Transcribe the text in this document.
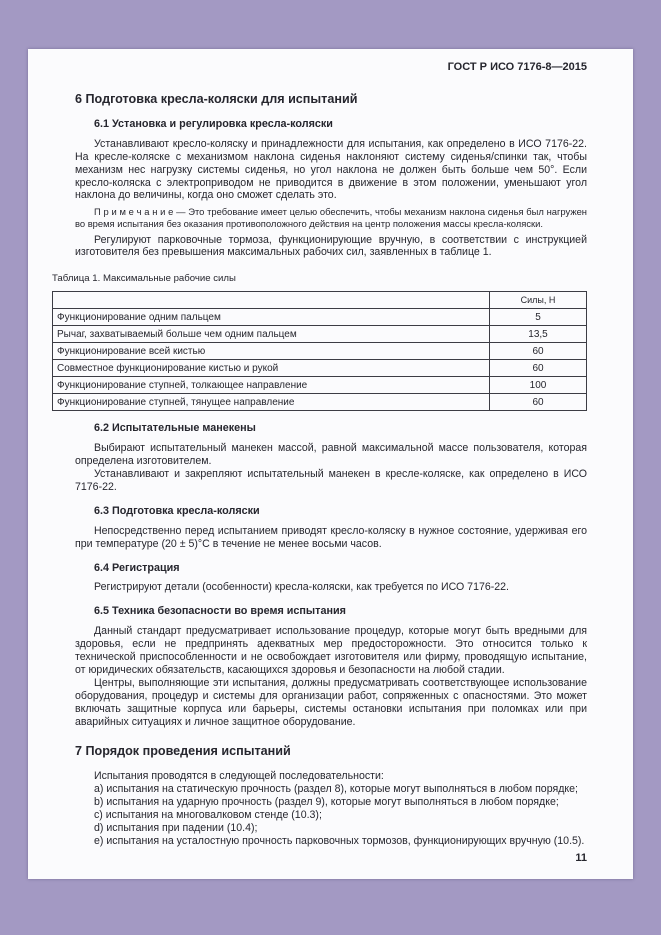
ГОСТ Р ИСО 7176-8—2015
6 Подготовка кресла-коляски для испытаний
6.1 Установка и регулировка кресла-коляски

Устанавливают кресло-коляску и принадлежности для испытания, как определено в ИСО 7176-22. На кресле-коляске с механизмом наклона сиденья наклоняют систему сиденья/спинки так, чтобы механизм нес нагрузку системы сиденья, но угол наклона не должен быть больше чем 50°. Если кресло-коляска с электроприводом не приводится в движение в этом положении, уменьшают угол наклона до величины, когда оно сможет сделать это.

П р и м е ч а н и е — Это требование имеет целью обеспечить, чтобы механизм наклона сиденья был нагружен во время испытания без оказания противоположного действия на центр положения массы кресла-коляски.

Регулируют парковочные тормоза, функционирующие вручную, в соответствии с инструкцией изготовителя без превышения максимальных рабочих сил, заявленных в таблице 1.

Таблица 1. Максимальные рабочие силы
	Силы, Н
Функционирование одним пальцем	5
Рычаг, захватываемый больше чем одним пальцем	13,5
Функционирование всей кистью	60
Совместное функционирование кистью и рукой	60
Функционирование ступней, толкающее направление	100
Функционирование ступней, тянущее направление	60
6.2 Испытательные манекены

Выбирают испытательный манекен массой, равной максимальной массе пользователя, которая определена изготовителем.

Устанавливают и закрепляют испытательный манекен в кресле-коляске, как определено в ИСО 7176-22.

6.3 Подготовка кресла-коляски

Непосредственно перед испытанием приводят кресло-коляску в нужное состояние, удерживая его при температуре (20 ± 5)°С в течение не менее восьми часов.

6.4 Регистрация

Регистрируют детали (особенности) кресла-коляски, как требуется по ИСО 7176-22.

6.5 Техника безопасности во время испытания

Данный стандарт предусматривает использование процедур, которые могут быть вредными для здоровья, если не предпринять адекватных мер предосторожности. Это относится только к технической приспособленности и не освобождает изготовителя или фирму, проводящую испытание, от юридических обязательств, касающихся здоровья и безопасности на любой стадии.

Центры, выполняющие эти испытания, должны предусматривать соответствующее использование оборудования, процедур и системы для организации работ, сопряженных с опасностями. Это может включать защитные корпуса или барьеры, системы остановки испытания при поломках или при аварийных ситуациях и личное защитное оборудование.

7 Порядок проведения испытаний

Испытания проводятся в следующей последовательности:

a) испытания на статическую прочность (раздел 8), которые могут выполняться в любом порядке;

b) испытания на ударную прочность (раздел 9), которые могут выполняться в любом порядке;

c) испытания на многовалковом стенде (10.3);

d) испытания при падении (10.4);

e) испытания на усталостную прочность парковочных тормозов, функционирующих вручную (10.5).

11
